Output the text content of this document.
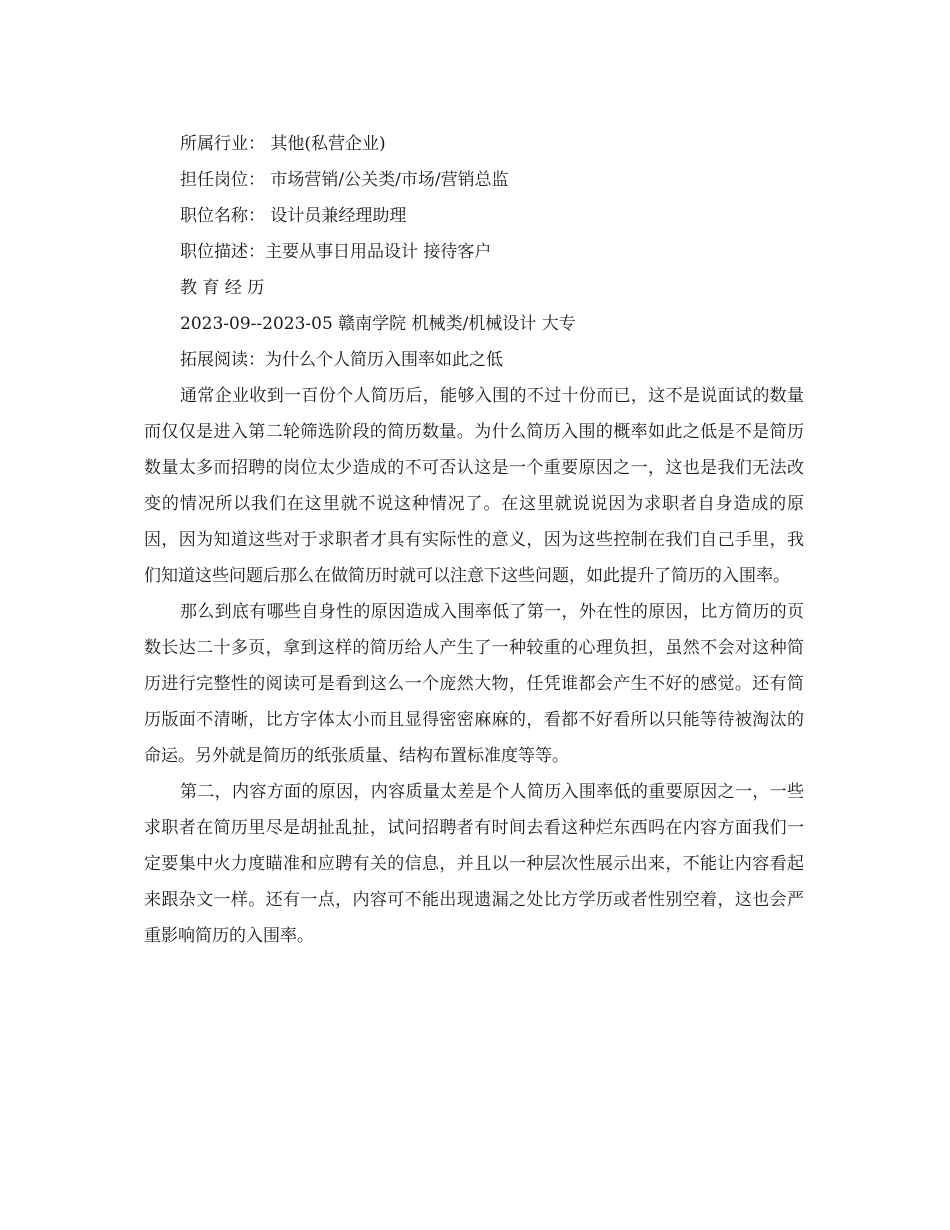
所属行业： 其他(私营企业)
担任岗位： 市场营销/公关类/市场/营销总监
职位名称： 设计员兼经理助理
职位描述：主要从事日用品设计 接待客户
教 育 经 历
2023-09--2023-05 赣南学院 机械类/机械设计 大专
拓展阅读：为什么个人简历入围率如此之低

通常企业收到一百份个人简历后，能够入围的不过十份而已，这不是说面试的数量而仅仅是进入第二轮筛选阶段的简历数量。为什么简历入围的概率如此之低是不是简历数量太多而招聘的岗位太少造成的不可否认这是一个重要原因之一，这也是我们无法改变的情况所以我们在这里就不说这种情况了。在这里就说说因为求职者自身造成的原因，因为知道这些对于求职者才具有实际性的意义，因为这些控制在我们自己手里，我们知道这些问题后那么在做简历时就可以注意下这些问题，如此提升了简历的入围率。

那么到底有哪些自身性的原因造成入围率低了第一，外在性的原因，比方简历的页数长达二十多页，拿到这样的简历给人产生了一种较重的心理负担，虽然不会对这种简历进行完整性的阅读可是看到这么一个庞然大物，任凭谁都会产生不好的感觉。还有简历版面不清晰，比方字体太小而且显得密密麻麻的，看都不好看所以只能等待被淘汰的命运。另外就是简历的纸张质量、结构布置标准度等等。

第二，内容方面的原因，内容质量太差是个人简历入围率低的重要原因之一，一些求职者在简历里尽是胡扯乱扯，试问招聘者有时间去看这种烂东西吗在内容方面我们一定要集中火力度瞄准和应聘有关的信息，并且以一种层次性展示出来，不能让内容看起来跟杂文一样。还有一点，内容可不能出现遗漏之处比方学历或者性别空着，这也会严重影响简历的入围率。
